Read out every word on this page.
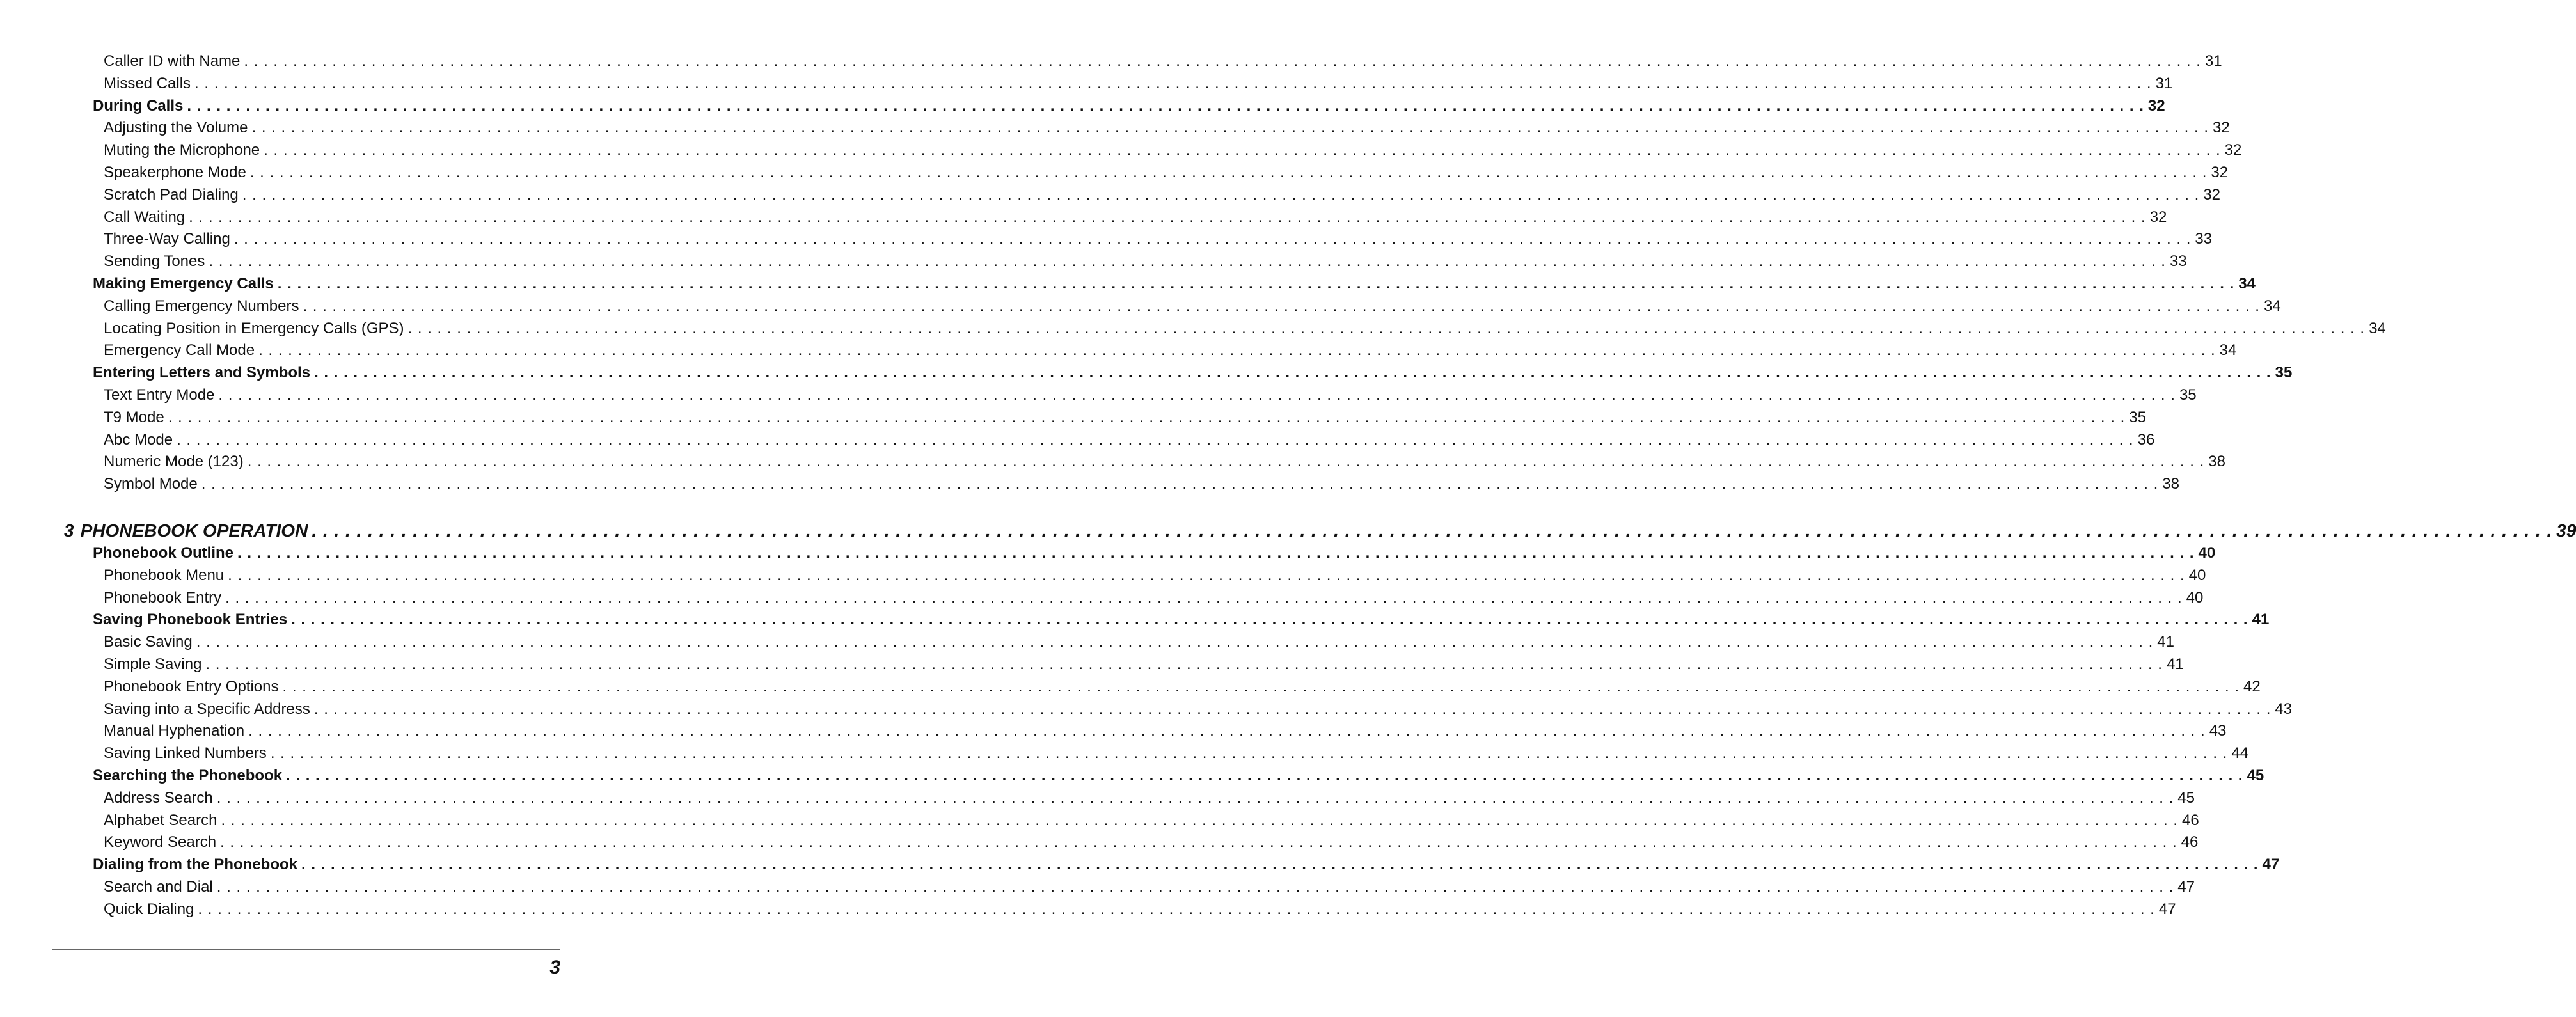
Caller ID with Name . . . . . . . . . . . . . . . . . . . . . . . . . . . . . . . . . . . . . . . . . . . . . . . . . . . . . . . . . . . . . . . . . . . . . . . . . . . . . . . . . . . . . . . . . . . . . . . . . . . . . . . . . . . . . . . . . . . . . . . . . . . . . . . . . . . . . . . . . . . . . . . . . . . . . . . . . . . . . . . . . . . . . . . . . . . . . . . . . . . . . . . . . . . . . . . . . . . . . . . . 31
Missed Calls . . . . . . . . . . . . . . . . . . . . . . . . . . . . . . . . . . . . . . . . . . . . . . . . . . . . . . . . . . . . . . . . . . . . . . . . . . . . . . . . . . . . . . . . . . . . . . . . . . . . . . . . . . . . . . . . . . . . . . . . . . . . . . . . . . . . . . . . . . . . . . . . . . . . . . . . . . . . . . . . . . . . . . . . . . . . . . . . . . . . . . . . . . . . . . . . . . . . . . . . 31
During Calls . . . . . . . . . . . . . . . . . . . . . . . . . . . . . . . . . . . . . . . . . . . . . . . . . . . . . . . . . . . . . . . . . . . . . . . . . . . . . . . . . . . . . . . . . . . . . . . . . . . . . . . . . . . . . . . . . . . . . . . . . . . . . . . . . . . . . . . . . . . . . . . . . . . . . . . . . . . . . . . . . . . . . . . . . . . . . . . . . . . . . . . . . . . . . . . . . . . . . . . . 32
Adjusting the Volume . . . . . . . . . . . . . . . . . . . . . . . . . . . . . . . . . . . . . . . . . . . . . . . . . . . . . . . . . . . . . . . . . . . . . . . . . . . . . . . . . . . . . . . . . . . . . . . . . . . . . . . . . . . . . . . . . . . . . . . . . . . . . . . . . . . . . . . . . . . . . . . . . . . . . . . . . . . . . . . . . . . . . . . . . . . . . . . . . . . . . . . . . . . . . . . . . . . . . . . . 32
Muting the Microphone . . . . . . . . . . . . . . . . . . . . . . . . . . . . . . . . . . . . . . . . . . . . . . . . . . . . . . . . . . . . . . . . . . . . . . . . . . . . . . . . . . . . . . . . . . . . . . . . . . . . . . . . . . . . . . . . . . . . . . . . . . . . . . . . . . . . . . . . . . . . . . . . . . . . . . . . . . . . . . . . . . . . . . . . . . . . . . . . . . . . . . . . . . . . . . . . . . . . . . . . 32
Speakerphone Mode . . . . . . . . . . . . . . . . . . . . . . . . . . . . . . . . . . . . . . . . . . . . . . . . . . . . . . . . . . . . . . . . . . . . . . . . . . . . . . . . . . . . . . . . . . . . . . . . . . . . . . . . . . . . . . . . . . . . . . . . . . . . . . . . . . . . . . . . . . . . . . . . . . . . . . . . . . . . . . . . . . . . . . . . . . . . . . . . . . . . . . . . . . . . . . . . . . . . . . . . 32
Scratch Pad Dialing . . . . . . . . . . . . . . . . . . . . . . . . . . . . . . . . . . . . . . . . . . . . . . . . . . . . . . . . . . . . . . . . . . . . . . . . . . . . . . . . . . . . . . . . . . . . . . . . . . . . . . . . . . . . . . . . . . . . . . . . . . . . . . . . . . . . . . . . . . . . . . . . . . . . . . . . . . . . . . . . . . . . . . . . . . . . . . . . . . . . . . . . . . . . . . . . . . . . . . . . 32
Call Waiting . . . . . . . . . . . . . . . . . . . . . . . . . . . . . . . . . . . . . . . . . . . . . . . . . . . . . . . . . . . . . . . . . . . . . . . . . . . . . . . . . . . . . . . . . . . . . . . . . . . . . . . . . . . . . . . . . . . . . . . . . . . . . . . . . . . . . . . . . . . . . . . . . . . . . . . . . . . . . . . . . . . . . . . . . . . . . . . . . . . . . . . . . . . . . . . . . . . . . . . . 32
Three-Way Calling . . . . . . . . . . . . . . . . . . . . . . . . . . . . . . . . . . . . . . . . . . . . . . . . . . . . . . . . . . . . . . . . . . . . . . . . . . . . . . . . . . . . . . . . . . . . . . . . . . . . . . . . . . . . . . . . . . . . . . . . . . . . . . . . . . . . . . . . . . . . . . . . . . . . . . . . . . . . . . . . . . . . . . . . . . . . . . . . . . . . . . . . . . . . . . . . . . . . . . . . 33
Sending Tones . . . . . . . . . . . . . . . . . . . . . . . . . . . . . . . . . . . . . . . . . . . . . . . . . . . . . . . . . . . . . . . . . . . . . . . . . . . . . . . . . . . . . . . . . . . . . . . . . . . . . . . . . . . . . . . . . . . . . . . . . . . . . . . . . . . . . . . . . . . . . . . . . . . . . . . . . . . . . . . . . . . . . . . . . . . . . . . . . . . . . . . . . . . . . . . . . . . . . . . . 33
Making Emergency Calls . . . . . . . . . . . . . . . . . . . . . . . . . . . . . . . . . . . . . . . . . . . . . . . . . . . . . . . . . . . . . . . . . . . . . . . . . . . . . . . . . . . . . . . . . . . . . . . . . . . . . . . . . . . . . . . . . . . . . . . . . . . . . . . . . . . . . . . . . . . . . . . . . . . . . . . . . . . . . . . . . . . . . . . . . . . . . . . . . . . . . . . . . . . . . . . . . . . . . . . . 34
Calling Emergency Numbers . . . . . . . . . . . . . . . . . . . . . . . . . . . . . . . . . . . . . . . . . . . . . . . . . . . . . . . . . . . . . . . . . . . . . . . . . . . . . . . . . . . . . . . . . . . . . . . . . . . . . . . . . . . . . . . . . . . . . . . . . . . . . . . . . . . . . . . . . . . . . . . . . . . . . . . . . . . . . . . . . . . . . . . . . . . . . . . . . . . . . . . . . . . . . . . . . . . . . . . . 34
Locating Position in Emergency Calls (GPS) . . . . . . . . . . . . . . . . . . . . . . . . . . . . . . . . . . . . . . . . . . . . . . . . . . . . . . . . . . . . . . . . . . . . . . . . . . . . . . . . . . . . . . . . . . . . . . . . . . . . . . . . . . . . . . . . . . . . . . . . . . . . . . . . . . . . . . . . . . . . . . . . . . . . . . . . . . . . . . . . . . . . . . . . . . . . . . . . . . . . . . . . . . . . . . . . . . . . . . . . 34
Emergency Call Mode . . . . . . . . . . . . . . . . . . . . . . . . . . . . . . . . . . . . . . . . . . . . . . . . . . . . . . . . . . . . . . . . . . . . . . . . . . . . . . . . . . . . . . . . . . . . . . . . . . . . . . . . . . . . . . . . . . . . . . . . . . . . . . . . . . . . . . . . . . . . . . . . . . . . . . . . . . . . . . . . . . . . . . . . . . . . . . . . . . . . . . . . . . . . . . . . . . . . . . . . 34
Entering Letters and Symbols . . . . . . . . . . . . . . . . . . . . . . . . . . . . . . . . . . . . . . . . . . . . . . . . . . . . . . . . . . . . . . . . . . . . . . . . . . . . . . . . . . . . . . . . . . . . . . . . . . . . . . . . . . . . . . . . . . . . . . . . . . . . . . . . . . . . . . . . . . . . . . . . . . . . . . . . . . . . . . . . . . . . . . . . . . . . . . . . . . . . . . . . . . . . . . . . . . . . . . . . 35
Text Entry Mode . . . . . . . . . . . . . . . . . . . . . . . . . . . . . . . . . . . . . . . . . . . . . . . . . . . . . . . . . . . . . . . . . . . . . . . . . . . . . . . . . . . . . . . . . . . . . . . . . . . . . . . . . . . . . . . . . . . . . . . . . . . . . . . . . . . . . . . . . . . . . . . . . . . . . . . . . . . . . . . . . . . . . . . . . . . . . . . . . . . . . . . . . . . . . . . . . . . . . . . . 35
T9 Mode . . . . . . . . . . . . . . . . . . . . . . . . . . . . . . . . . . . . . . . . . . . . . . . . . . . . . . . . . . . . . . . . . . . . . . . . . . . . . . . . . . . . . . . . . . . . . . . . . . . . . . . . . . . . . . . . . . . . . . . . . . . . . . . . . . . . . . . . . . . . . . . . . . . . . . . . . . . . . . . . . . . . . . . . . . . . . . . . . . . . . . . . . . . . . . . . . . . . . . . . 35
Abc Mode . . . . . . . . . . . . . . . . . . . . . . . . . . . . . . . . . . . . . . . . . . . . . . . . . . . . . . . . . . . . . . . . . . . . . . . . . . . . . . . . . . . . . . . . . . . . . . . . . . . . . . . . . . . . . . . . . . . . . . . . . . . . . . . . . . . . . . . . . . . . . . . . . . . . . . . . . . . . . . . . . . . . . . . . . . . . . . . . . . . . . . . . . . . . . . . . . . . . . . . . 36
Numeric Mode (123) . . . . . . . . . . . . . . . . . . . . . . . . . . . . . . . . . . . . . . . . . . . . . . . . . . . . . . . . . . . . . . . . . . . . . . . . . . . . . . . . . . . . . . . . . . . . . . . . . . . . . . . . . . . . . . . . . . . . . . . . . . . . . . . . . . . . . . . . . . . . . . . . . . . . . . . . . . . . . . . . . . . . . . . . . . . . . . . . . . . . . . . . . . . . . . . . . . . . . . . . 38
Symbol Mode . . . . . . . . . . . . . . . . . . . . . . . . . . . . . . . . . . . . . . . . . . . . . . . . . . . . . . . . . . . . . . . . . . . . . . . . . . . . . . . . . . . . . . . . . . . . . . . . . . . . . . . . . . . . . . . . . . . . . . . . . . . . . . . . . . . . . . . . . . . . . . . . . . . . . . . . . . . . . . . . . . . . . . . . . . . . . . . . . . . . . . . . . . . . . . . . . . . . . . . . 38
3 PHONEBOOK OPERATION . . . . . . . . . . . . . . . . . . . . . . . . . . . . . . . . . . . . . . . . . . . . . . . . . . . . . . . . . . . . . . . . . . . . . . . . . . . . . . . . . . . . . . . . . . . . . . . . . . . . . . . . . . . . . . . . . . . . . . . . . . . . . . . . . . . . . . . . . . . . . . . . . . . . . . . . . . . . . . . . . . . . . . . . . . . . . . . . . . . . . . . . . . . . . . . . . . . . . . . . 39
Phonebook Outline . . . . . . . . . . . . . . . . . . . . . . . . . . . . . . . . . . . . . . . . . . . . . . . . . . . . . . . . . . . . . . . . . . . . . . . . . . . . . . . . . . . . . . . . . . . . . . . . . . . . . . . . . . . . . . . . . . . . . . . . . . . . . . . . . . . . . . . . . . . . . . . . . . . . . . . . . . . . . . . . . . . . . . . . . . . . . . . . . . . . . . . . . . . . . . . . . . . . . . . . 40
Phonebook Menu . . . . . . . . . . . . . . . . . . . . . . . . . . . . . . . . . . . . . . . . . . . . . . . . . . . . . . . . . . . . . . . . . . . . . . . . . . . . . . . . . . . . . . . . . . . . . . . . . . . . . . . . . . . . . . . . . . . . . . . . . . . . . . . . . . . . . . . . . . . . . . . . . . . . . . . . . . . . . . . . . . . . . . . . . . . . . . . . . . . . . . . . . . . . . . . . . . . . . . . . 40
Phonebook Entry . . . . . . . . . . . . . . . . . . . . . . . . . . . . . . . . . . . . . . . . . . . . . . . . . . . . . . . . . . . . . . . . . . . . . . . . . . . . . . . . . . . . . . . . . . . . . . . . . . . . . . . . . . . . . . . . . . . . . . . . . . . . . . . . . . . . . . . . . . . . . . . . . . . . . . . . . . . . . . . . . . . . . . . . . . . . . . . . . . . . . . . . . . . . . . . . . . . . . . . . 40
Saving Phonebook Entries . . . . . . . . . . . . . . . . . . . . . . . . . . . . . . . . . . . . . . . . . . . . . . . . . . . . . . . . . . . . . . . . . . . . . . . . . . . . . . . . . . . . . . . . . . . . . . . . . . . . . . . . . . . . . . . . . . . . . . . . . . . . . . . . . . . . . . . . . . . . . . . . . . . . . . . . . . . . . . . . . . . . . . . . . . . . . . . . . . . . . . . . . . . . . . . . . . . . . . . . 41
Basic Saving . . . . . . . . . . . . . . . . . . . . . . . . . . . . . . . . . . . . . . . . . . . . . . . . . . . . . . . . . . . . . . . . . . . . . . . . . . . . . . . . . . . . . . . . . . . . . . . . . . . . . . . . . . . . . . . . . . . . . . . . . . . . . . . . . . . . . . . . . . . . . . . . . . . . . . . . . . . . . . . . . . . . . . . . . . . . . . . . . . . . . . . . . . . . . . . . . . . . . . . . 41
Simple Saving . . . . . . . . . . . . . . . . . . . . . . . . . . . . . . . . . . . . . . . . . . . . . . . . . . . . . . . . . . . . . . . . . . . . . . . . . . . . . . . . . . . . . . . . . . . . . . . . . . . . . . . . . . . . . . . . . . . . . . . . . . . . . . . . . . . . . . . . . . . . . . . . . . . . . . . . . . . . . . . . . . . . . . . . . . . . . . . . . . . . . . . . . . . . . . . . . . . . . . . . 41
Phonebook Entry Options . . . . . . . . . . . . . . . . . . . . . . . . . . . . . . . . . . . . . . . . . . . . . . . . . . . . . . . . . . . . . . . . . . . . . . . . . . . . . . . . . . . . . . . . . . . . . . . . . . . . . . . . . . . . . . . . . . . . . . . . . . . . . . . . . . . . . . . . . . . . . . . . . . . . . . . . . . . . . . . . . . . . . . . . . . . . . . . . . . . . . . . . . . . . . . . . . . . . . . . . 42
Saving into a Specific Address . . . . . . . . . . . . . . . . . . . . . . . . . . . . . . . . . . . . . . . . . . . . . . . . . . . . . . . . . . . . . . . . . . . . . . . . . . . . . . . . . . . . . . . . . . . . . . . . . . . . . . . . . . . . . . . . . . . . . . . . . . . . . . . . . . . . . . . . . . . . . . . . . . . . . . . . . . . . . . . . . . . . . . . . . . . . . . . . . . . . . . . . . . . . . . . . . . . . . . . . 43
Manual Hyphenation . . . . . . . . . . . . . . . . . . . . . . . . . . . . . . . . . . . . . . . . . . . . . . . . . . . . . . . . . . . . . . . . . . . . . . . . . . . . . . . . . . . . . . . . . . . . . . . . . . . . . . . . . . . . . . . . . . . . . . . . . . . . . . . . . . . . . . . . . . . . . . . . . . . . . . . . . . . . . . . . . . . . . . . . . . . . . . . . . . . . . . . . . . . . . . . . . . . . . . . . 43
Saving Linked Numbers . . . . . . . . . . . . . . . . . . . . . . . . . . . . . . . . . . . . . . . . . . . . . . . . . . . . . . . . . . . . . . . . . . . . . . . . . . . . . . . . . . . . . . . . . . . . . . . . . . . . . . . . . . . . . . . . . . . . . . . . . . . . . . . . . . . . . . . . . . . . . . . . . . . . . . . . . . . . . . . . . . . . . . . . . . . . . . . . . . . . . . . . . . . . . . . . . . . . . . . . 44
Searching the Phonebook . . . . . . . . . . . . . . . . . . . . . . . . . . . . . . . . . . . . . . . . . . . . . . . . . . . . . . . . . . . . . . . . . . . . . . . . . . . . . . . . . . . . . . . . . . . . . . . . . . . . . . . . . . . . . . . . . . . . . . . . . . . . . . . . . . . . . . . . . . . . . . . . . . . . . . . . . . . . . . . . . . . . . . . . . . . . . . . . . . . . . . . . . . . . . . . . . . . . . . . . 45
Address Search . . . . . . . . . . . . . . . . . . . . . . . . . . . . . . . . . . . . . . . . . . . . . . . . . . . . . . . . . . . . . . . . . . . . . . . . . . . . . . . . . . . . . . . . . . . . . . . . . . . . . . . . . . . . . . . . . . . . . . . . . . . . . . . . . . . . . . . . . . . . . . . . . . . . . . . . . . . . . . . . . . . . . . . . . . . . . . . . . . . . . . . . . . . . . . . . . . . . . . . . 45
Alphabet Search . . . . . . . . . . . . . . . . . . . . . . . . . . . . . . . . . . . . . . . . . . . . . . . . . . . . . . . . . . . . . . . . . . . . . . . . . . . . . . . . . . . . . . . . . . . . . . . . . . . . . . . . . . . . . . . . . . . . . . . . . . . . . . . . . . . . . . . . . . . . . . . . . . . . . . . . . . . . . . . . . . . . . . . . . . . . . . . . . . . . . . . . . . . . . . . . . . . . . . . . 46
Keyword Search . . . . . . . . . . . . . . . . . . . . . . . . . . . . . . . . . . . . . . . . . . . . . . . . . . . . . . . . . . . . . . . . . . . . . . . . . . . . . . . . . . . . . . . . . . . . . . . . . . . . . . . . . . . . . . . . . . . . . . . . . . . . . . . . . . . . . . . . . . . . . . . . . . . . . . . . . . . . . . . . . . . . . . . . . . . . . . . . . . . . . . . . . . . . . . . . . . . . . . . . 46
Dialing from the Phonebook . . . . . . . . . . . . . . . . . . . . . . . . . . . . . . . . . . . . . . . . . . . . . . . . . . . . . . . . . . . . . . . . . . . . . . . . . . . . . . . . . . . . . . . . . . . . . . . . . . . . . . . . . . . . . . . . . . . . . . . . . . . . . . . . . . . . . . . . . . . . . . . . . . . . . . . . . . . . . . . . . . . . . . . . . . . . . . . . . . . . . . . . . . . . . . . . . . . . . . . . 47
Search and Dial . . . . . . . . . . . . . . . . . . . . . . . . . . . . . . . . . . . . . . . . . . . . . . . . . . . . . . . . . . . . . . . . . . . . . . . . . . . . . . . . . . . . . . . . . . . . . . . . . . . . . . . . . . . . . . . . . . . . . . . . . . . . . . . . . . . . . . . . . . . . . . . . . . . . . . . . . . . . . . . . . . . . . . . . . . . . . . . . . . . . . . . . . . . . . . . . . . . . . . . . 47
Quick Dialing . . . . . . . . . . . . . . . . . . . . . . . . . . . . . . . . . . . . . . . . . . . . . . . . . . . . . . . . . . . . . . . . . . . . . . . . . . . . . . . . . . . . . . . . . . . . . . . . . . . . . . . . . . . . . . . . . . . . . . . . . . . . . . . . . . . . . . . . . . . . . . . . . . . . . . . . . . . . . . . . . . . . . . . . . . . . . . . . . . . . . . . . . . . . . . . . . . . . . . . . 47
3
